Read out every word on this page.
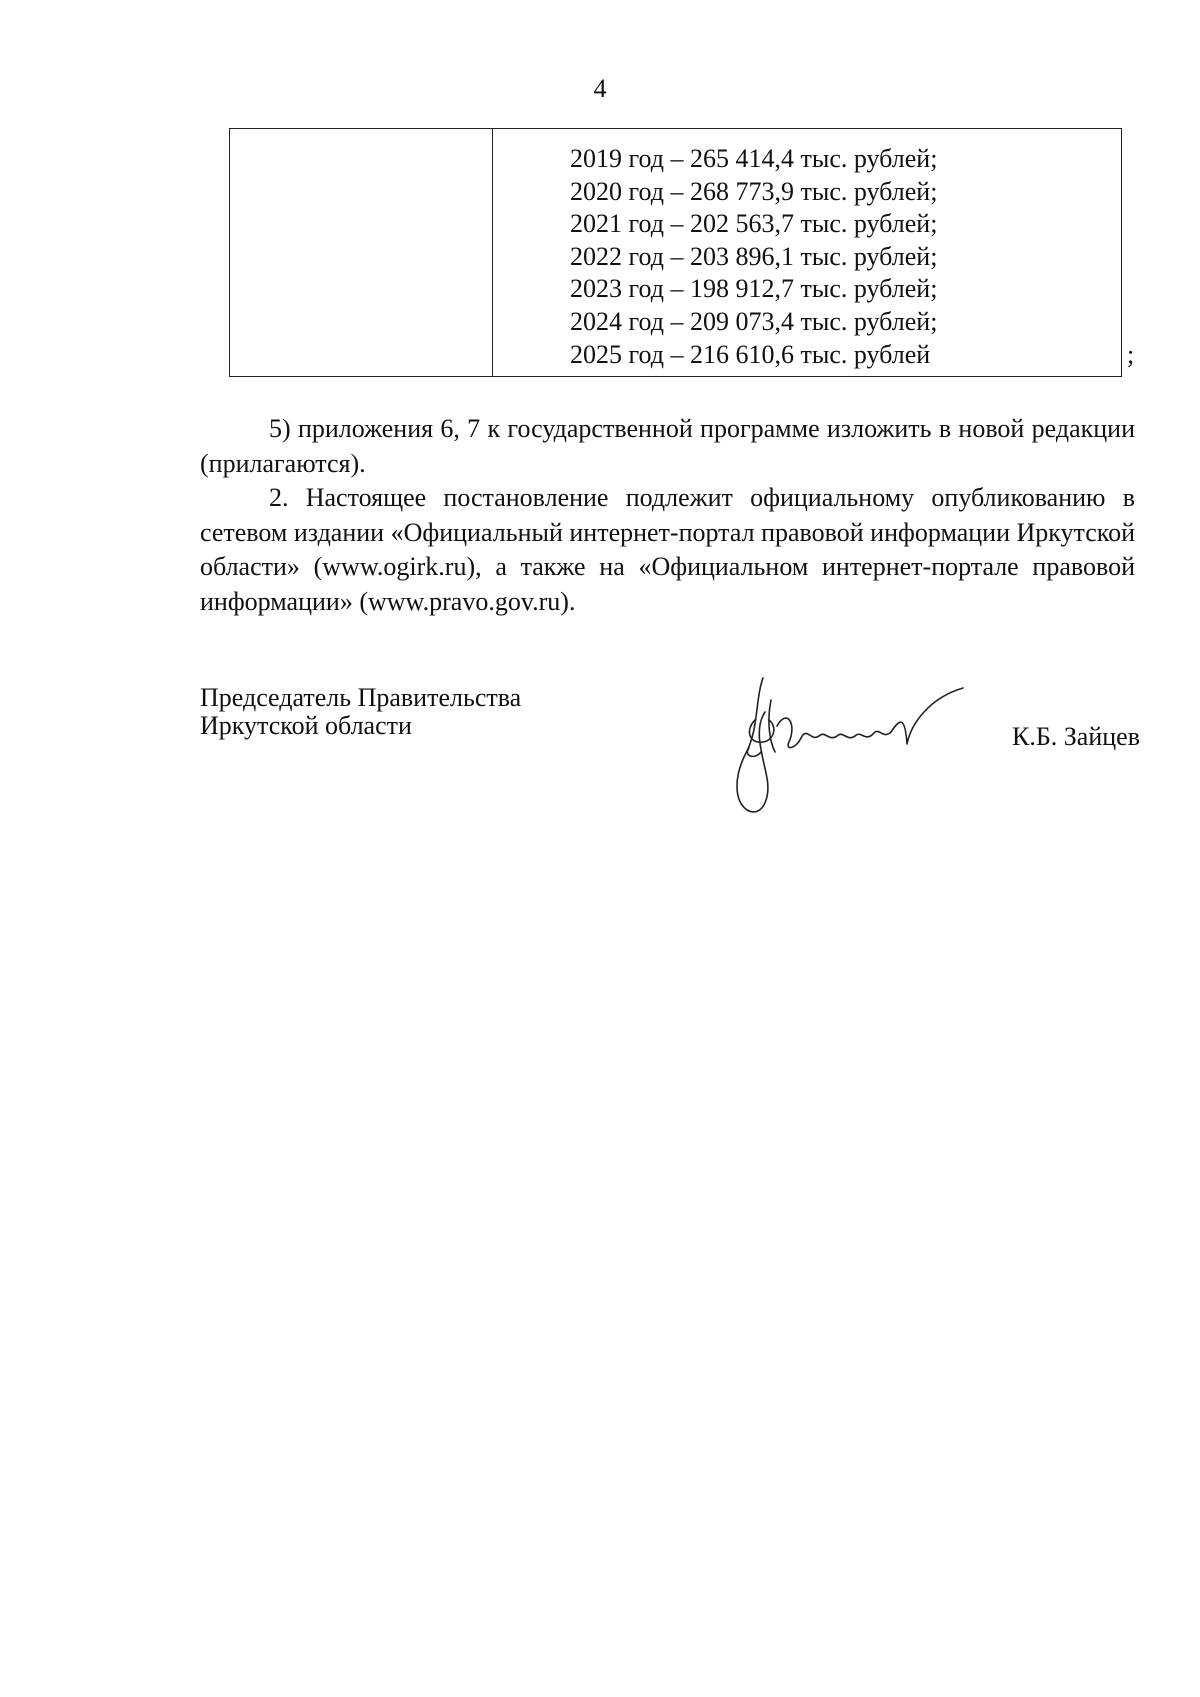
4
2019 год – 265 414,4 тыс. рублей;
2020 год – 268 773,9 тыс. рублей;
2021 год – 202 563,7 тыс. рублей;
2022 год – 203 896,1 тыс. рублей;
2023 год – 198 912,7 тыс. рублей;
2024 год – 209 073,4 тыс. рублей;
2025 год – 216 610,6 тыс. рублей	;
5) приложения 6, 7 к государственной программе изложить в новой редакции (прилагаются).
2. Настоящее постановление подлежит официальному опубликованию в сетевом издании «Официальный интернет-портал правовой информации Иркутской области» (www.ogirk.ru), а также на «Официальном интернет-портале правовой информации» (www.pravo.gov.ru).
Председатель Правительства
Иркутской области	К.Б. Зайцев
